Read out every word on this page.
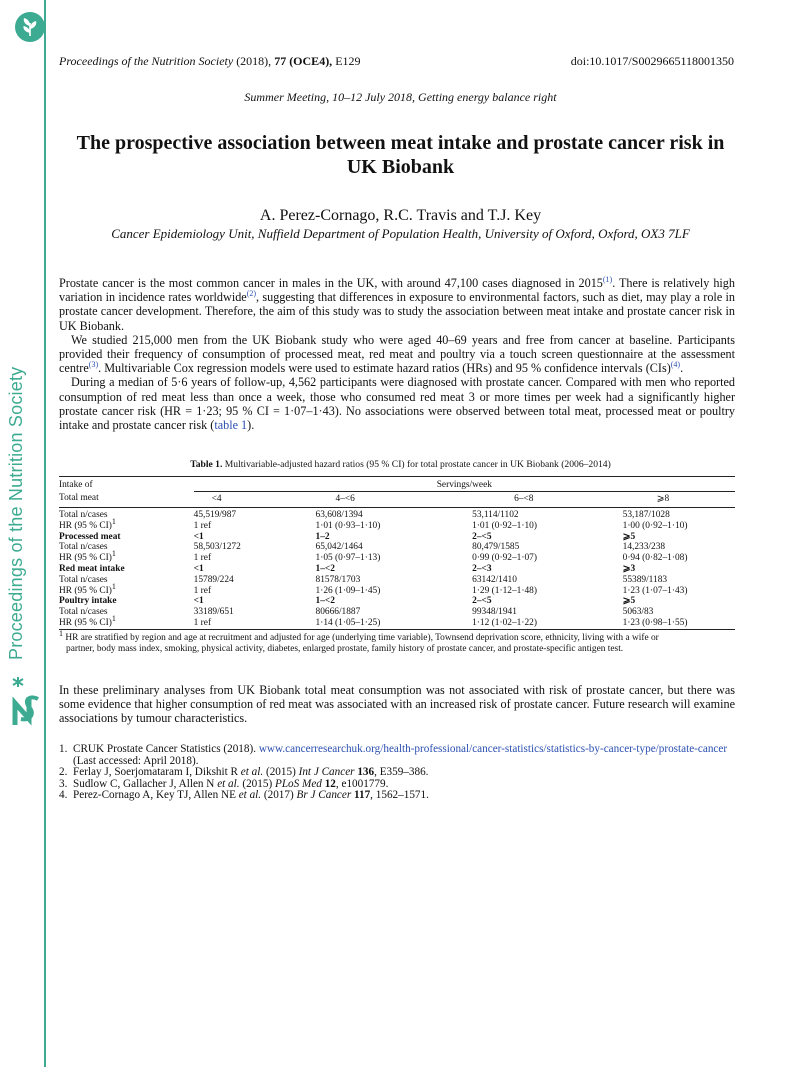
Proceedings of the Nutrition Society
Proceedings of the Nutrition Society (2018), 77 (OCE4), E129	doi:10.1017/S0029665118001350
Summer Meeting, 10–12 July 2018, Getting energy balance right
The prospective association between meat intake and prostate cancer risk in UK Biobank
A. Perez-Cornago, R.C. Travis and T.J. Key
Cancer Epidemiology Unit, Nuffield Department of Population Health, University of Oxford, Oxford, OX3 7LF

Prostate cancer is the most common cancer in males in the UK, with around 47,100 cases diagnosed in 2015$^{(1)}$. There is relatively high variation in incidence rates worldwide$^{(2)}$, suggesting that differences in exposure to environmental factors, such as diet, may play a role in prostate cancer development. Therefore, the aim of this study was to study the association between meat intake and prostate cancer risk in UK Biobank.

We studied 215,000 men from the UK Biobank study who were aged 40–69 years and free from cancer at baseline. Participants provided their frequency of consumption of processed meat, red meat and poultry via a touch screen questionnaire at the assessment centre$^{(3)}$. Multivariable Cox regression models were used to estimate hazard ratios (HRs) and 95 % confidence intervals (CIs)$^{(4)}$.

During a median of 5·6 years of follow-up, 4,562 participants were diagnosed with prostate cancer. Compared with men who reported consumption of red meat less than once a week, those who consumed red meat 3 or more times per week had a significantly higher prostate cancer risk (HR = 1·23; 95 % CI = 1·07–1·43). No associations were observed between total meat, processed meat or poultry intake and prostate cancer risk (table 1).

Table 1. Multivariable-adjusted hazard ratios (95 % CI) for total prostate cancer in UK Biobank (2006–2014)
Intake of	Servings/week			
Total meat	<4	4–<6	6–<8	⩾8
Total n/cases	45,519/987	63,608/1394	53,114/1102	53,187/1028
HR (95 % CI)$^1$	1 ref	1·01 (0·93–1·10)	1·01 (0·92–1·10)	1·00 (0·92–1·10)
Processed meat	<1	1–2	2–<5	⩾5
Total n/cases	58,503/1272	65,042/1464	80,479/1585	14,233/238
HR (95 % CI)$^1$	1 ref	1·05 (0·97–1·13)	0·99 (0·92–1·07)	0·94 (0·82–1·08)
Red meat intake	<1	1–<2	2–<3	⩾3
Total n/cases	15789/224	81578/1703	63142/1410	55389/1183
HR (95 % CI)$^1$	1 ref	1·26 (1·09–1·45)	1·29 (1·12–1·48)	1·23 (1·07–1·43)
Poultry intake	<1	1–<2	2–<5	⩾5
Total n/cases	33189/651	80666/1887	99348/1941	5063/83
HR (95 % CI)$^1$	1 ref	1·14 (1·05–1·25)	1·12 (1·02–1·22)	1·23 (0·98–1·55)
$^1$ HR are stratified by region and age at recruitment and adjusted for age (underlying time variable), Townsend deprivation score, ethnicity, living with a wife or
partner, body mass index, smoking, physical activity, diabetes, enlarged prostate, family history of prostate cancer, and prostate-specific antigen test.
In these preliminary analyses from UK Biobank total meat consumption was not associated with risk of prostate cancer, but there was some evidence that higher consumption of red meat was associated with an increased risk of prostate cancer. Future research will examine associations by tumour characteristics.
1. CRUK Prostate Cancer Statistics (2018). www.cancerresearchuk.org/health-professional/cancer-statistics/statistics-by-cancer-type/prostate-cancer
(Last accessed: April 2018).
2. Ferlay J, Soerjomataram I, Dikshit R et al. (2015) Int J Cancer 136, E359–386.
3. Sudlow C, Gallacher J, Allen N et al. (2015) PLoS Med 12, e1001779.
4. Perez-Cornago A, Key TJ, Allen NE et al. (2017) Br J Cancer 117, 1562–1571.
